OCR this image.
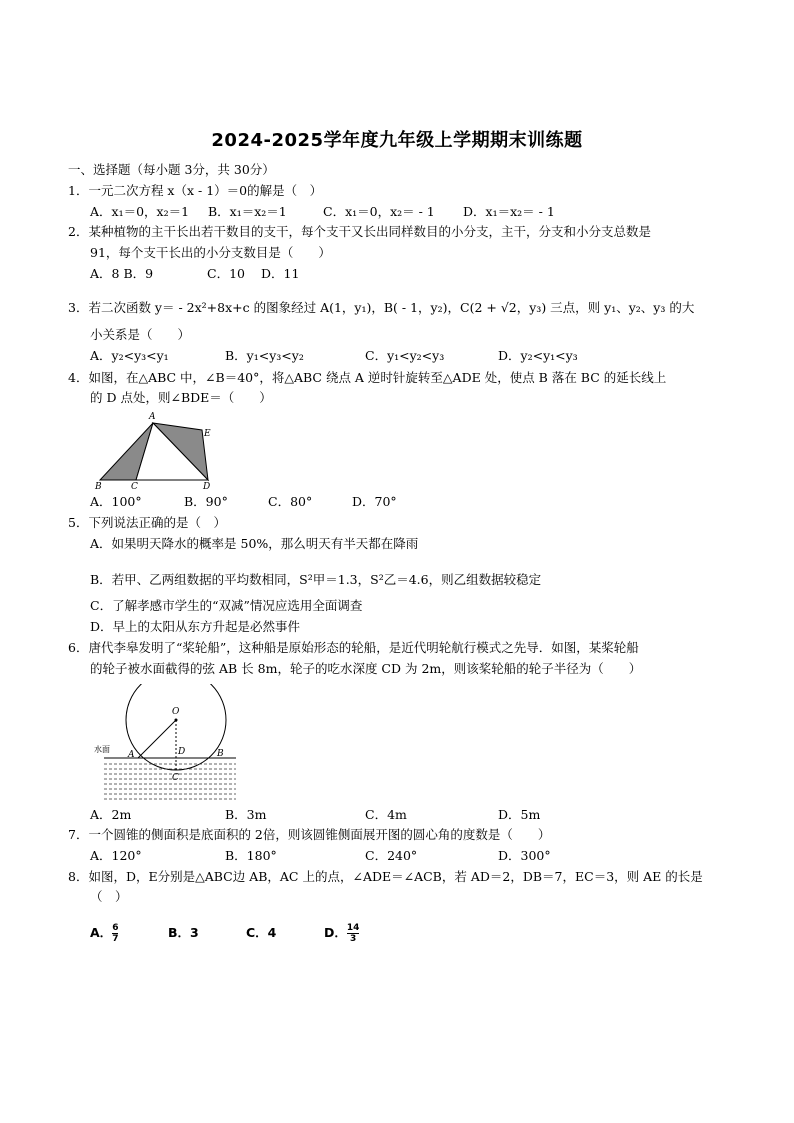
2024-2025学年度九年级上学期期末训练题
一、选择题（每小题 3分，共 30分）
1．一元二次方程 x（x - 1）＝0的解是（　）
A．x₁＝0，x₂＝1 B．x₁＝x₂＝1	C．x₁＝0，x₂＝ - 1 D．x₁＝x₂＝ - 1
2．某种植物的主干长出若干数目的支干，每个支干又长出同样数目的小分支，主干，分支和小分支总数是
91，每个支干长出的小分支数目是（　　）
A．8 B．9	C．10 D．11
3．若二次函数 y＝ - 2x²+8x+c 的图象经过 A(1，y₁)，B( - 1，y₂)，C(2 + √2，y₃) 三点，则 y₁、y₂、y₃ 的大
小关系是（　　）
A．y₂<y₃<y₁	B．y₁<y₃<y₂	C．y₁<y₂<y₃	D．y₂<y₁<y₃
4．如图，在△ABC 中，∠B＝40°，将△ABC 绕点 A 逆时针旋转至△ADE 处，使点 B 落在 BC 的延长线上
的 D 点处，则∠BDE＝（　　）
A
E
B	C	D
A．100°	B．90°	C．80°	D．70°
5．下列说法正确的是（　）
A．如果明天降水的概率是 50%，那么明天有半天都在降雨
B．若甲、乙两组数据的平均数相同，S²甲＝1.3，S²乙＝4.6，则乙组数据较稳定
C．了解孝感市学生的“双减”情况应选用全面调查
D．早上的太阳从东方升起是必然事件
6．唐代李皋发明了“桨轮船”，这种船是原始形态的轮船，是近代明轮航行模式之先导．如图，某桨轮船
的轮子被水面截得的弦 AB 长 8m，轮子的吃水深度 CD 为 2m，则该桨轮船的轮子半径为（　　）
O
A	D	B
C
水面
A．2m	B．3m	C．4m	D．5m
7．一个圆锥的侧面积是底面积的 2倍，则该圆锥侧面展开图的圆心角的度数是（　　）
A．120°	B．180°	C．240°	D．300°
8．如图，D，E分别是△ABC边 AB，AC 上的点，∠ADE＝∠ACB，若 AD＝2，DB＝7，EC＝3，则 AE 的长是
（　）
A． $\frac{6}{7}$	B．3	C．4	D． $\frac{14}{3}$
